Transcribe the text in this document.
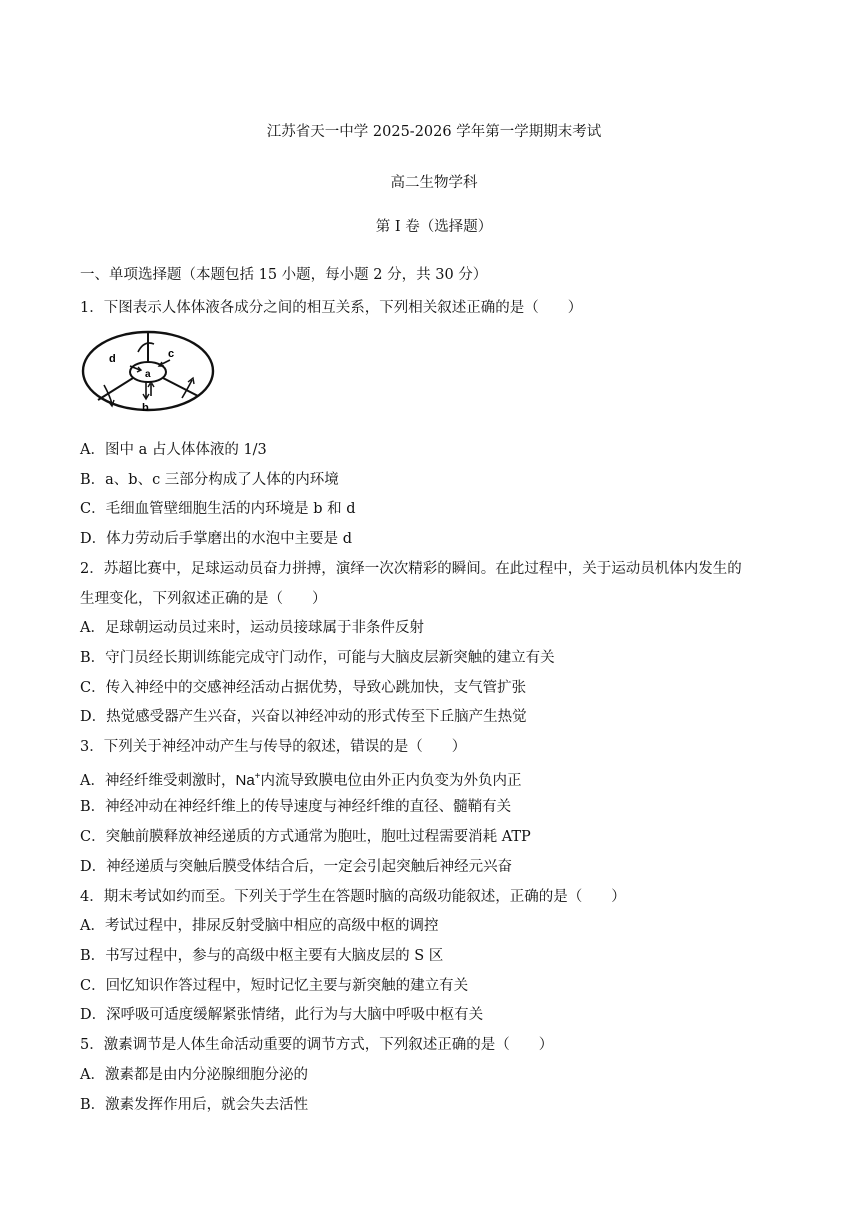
江苏省天一中学 2025-2026 学年第一学期期末考试
高二生物学科
第 I 卷（选择题）
一、单项选择题（本题包括 15 小题，每小题 2 分，共 30 分）
1．下图表示人体体液各成分之间的相互关系，下列相关叙述正确的是（　　）
a
b
c
d
A．图中 a 占人体体液的 1/3
B．a、b、c 三部分构成了人体的内环境
C．毛细血管壁细胞生活的内环境是 b 和 d
D．体力劳动后手掌磨出的水泡中主要是 d
2．苏超比赛中，足球运动员奋力拼搏，演绎一次次精彩的瞬间。在此过程中，关于运动员机体内发生的
生理变化，下列叙述正确的是（　　）
A．足球朝运动员过来时，运动员接球属于非条件反射
B．守门员经长期训练能完成守门动作，可能与大脑皮层新突触的建立有关
C．传入神经中的交感神经活动占据优势，导致心跳加快，支气管扩张
D．热觉感受器产生兴奋，兴奋以神经冲动的形式传至下丘脑产生热觉
3．下列关于神经冲动产生与传导的叙述，错误的是（　　）
A．神经纤维受刺激时，Na+内流导致膜电位由外正内负变为外负内正
B．神经冲动在神经纤维上的传导速度与神经纤维的直径、髓鞘有关
C．突触前膜释放神经递质的方式通常为胞吐，胞吐过程需要消耗 ATP
D．神经递质与突触后膜受体结合后，一定会引起突触后神经元兴奋
4．期末考试如约而至。下列关于学生在答题时脑的高级功能叙述，正确的是（　　）
A．考试过程中，排尿反射受脑中相应的高级中枢的调控
B．书写过程中，参与的高级中枢主要有大脑皮层的 S 区
C．回忆知识作答过程中，短时记忆主要与新突触的建立有关
D．深呼吸可适度缓解紧张情绪，此行为与大脑中呼吸中枢有关
5．激素调节是人体生命活动重要的调节方式，下列叙述正确的是（　　）
A．激素都是由内分泌腺细胞分泌的
B．激素发挥作用后，就会失去活性
